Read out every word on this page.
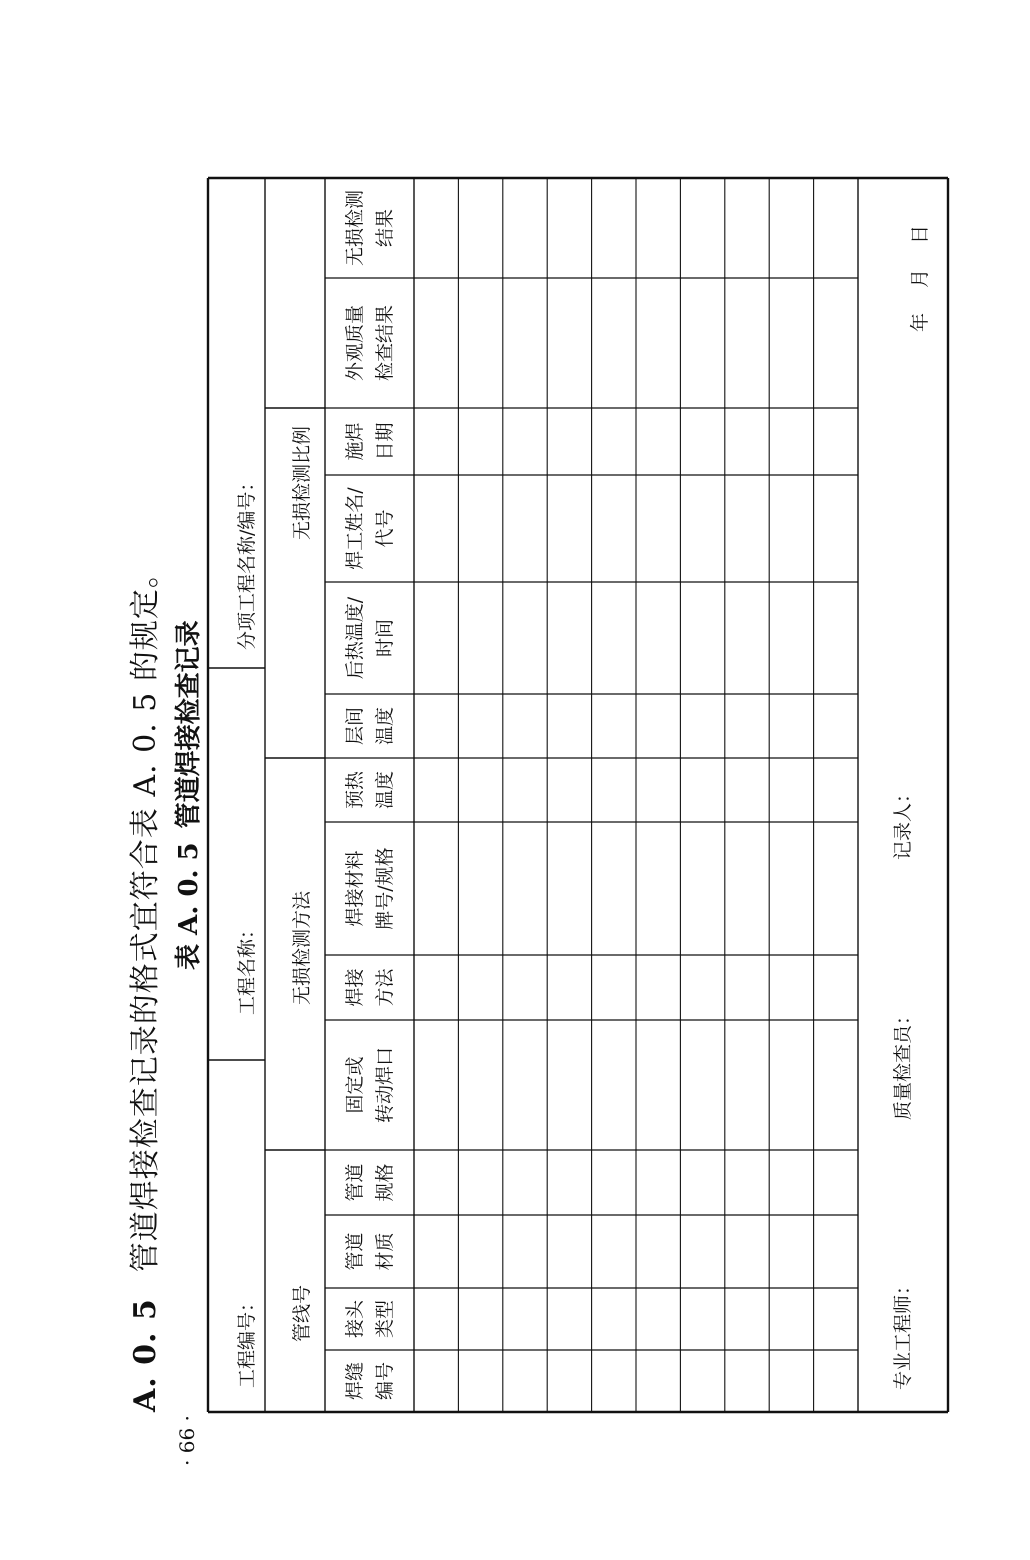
· 66 ·
A. 0. 5管道焊接检查记录的格式宜符合表 A. 0. 5 的规定。 表 A. 0. 5管道焊接检查记录
工程编号：
工程名称：
分项工程名称/编号：
管线号
无损检测方法
无损检测比例
焊缝 编号
接头 类型
管道 材质
管道 规格
固定或 转动焊口
焊接 方法
焊接材料 牌号/规格
预热 温度
层间 温度
后热温度/ 时间
焊工姓名/ 代号
施焊 日期
外观质量 检查结果
无损检测 结果
专业工程师：
质量检查员：
记录人：
年
月
日
